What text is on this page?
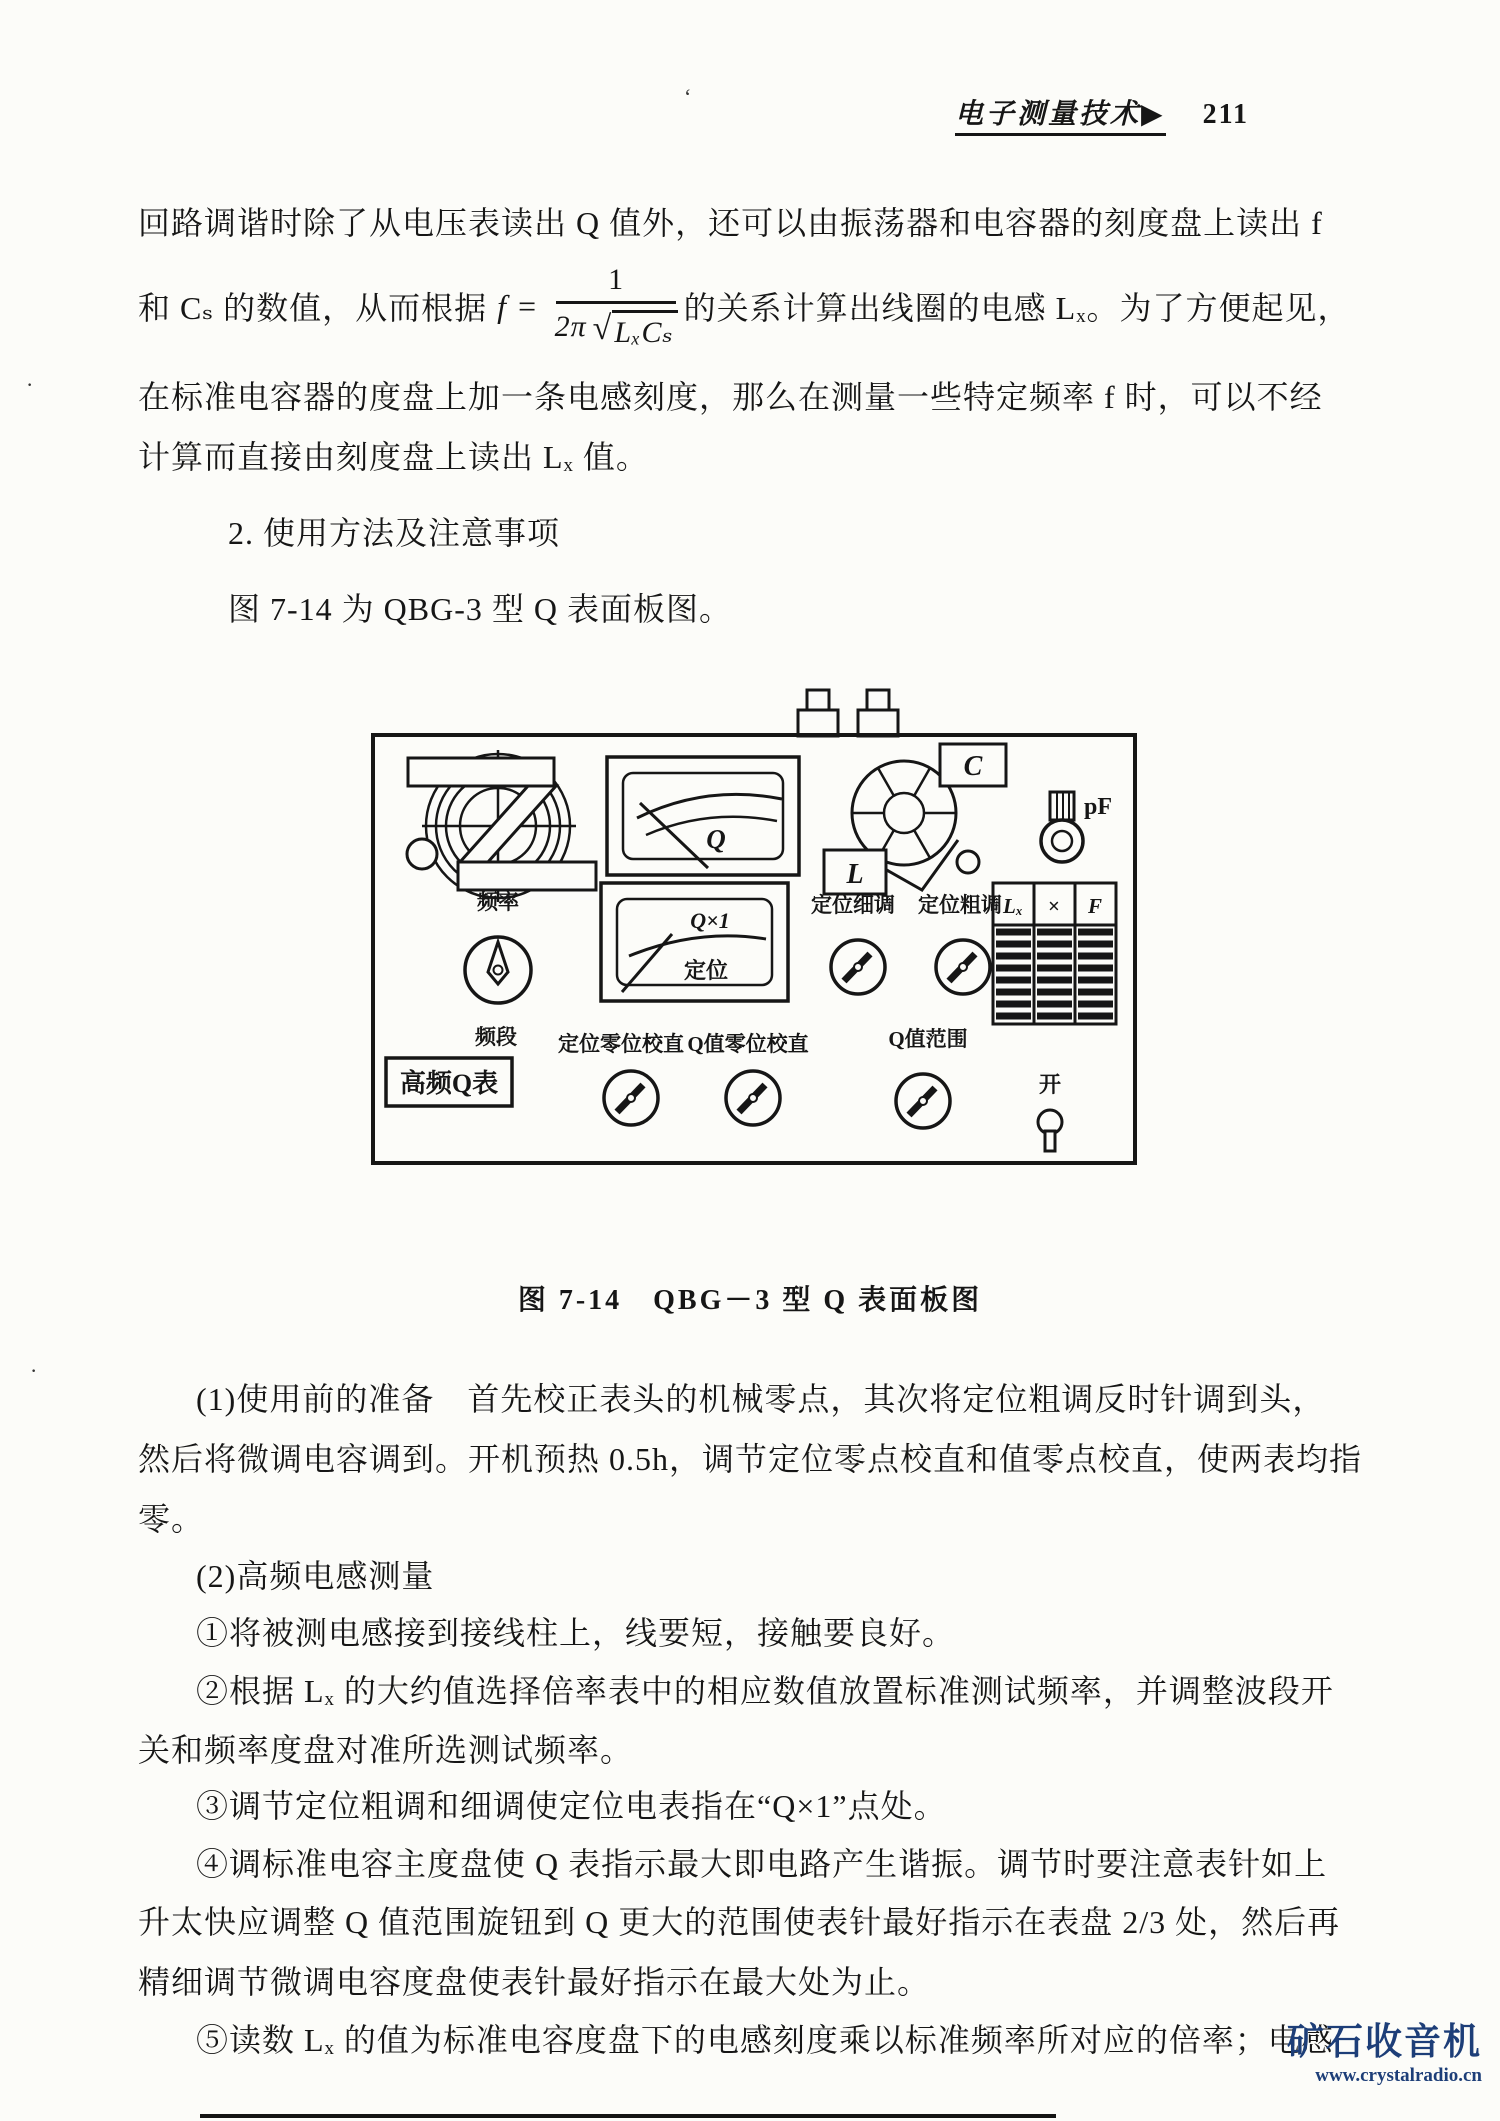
电子测量技术▶ 211
‘
·
·
回路调谐时除了从电压表读出 Q 值外，还可以由振荡器和电容器的刻度盘上读出 f
和 Cₛ 的数值，从而根据 $f = \frac{1}{\text{2π √ LₓCₛ}}$ 的关系计算出线圈的电感 Lₓ。为了方便起见，
在标准电容器的度盘上加一条电感刻度，那么在测量一些特定频率 f 时，可以不经
计算而直接由刻度盘上读出 Lₓ 值。
2. 使用方法及注意事项
图 7-14 为 QBG-3 型 Q 表面板图。
Q
Q×1
定位
C
L
pF
Lₓ × F
定位细调 定位粗调
频率
频段
高频Q表
定位零位校直 Q值零位校直	Q值范围
开
图 7-14　QBG－3 型 Q 表面板图
(1)使用前的准备　首先校正表头的机械零点，其次将定位粗调反时针调到头，
然后将微调电容调到。开机预热 0.5h，调节定位零点校直和值零点校直，使两表均指
零。
(2)高频电感测量
①将被测电感接到接线柱上，线要短，接触要良好。
②根据 Lₓ 的大约值选择倍率表中的相应数值放置标准测试频率，并调整波段开
关和频率度盘对准所选测试频率。
③调节定位粗调和细调使定位电表指在“Q×1”点处。
④调标准电容主度盘使 Q 表指示最大即电路产生谐振。调节时要注意表针如上
升太快应调整 Q 值范围旋钮到 Q 更大的范围使表针最好指示在表盘 2/3 处，然后再
精细调节微调电容度盘使表针最好指示在最大处为止。
⑤读数 Lₓ 的值为标准电容度盘下的电感刻度乘以标准频率所对应的倍率；电感
矿石收音机
www.crystalradio.cn
